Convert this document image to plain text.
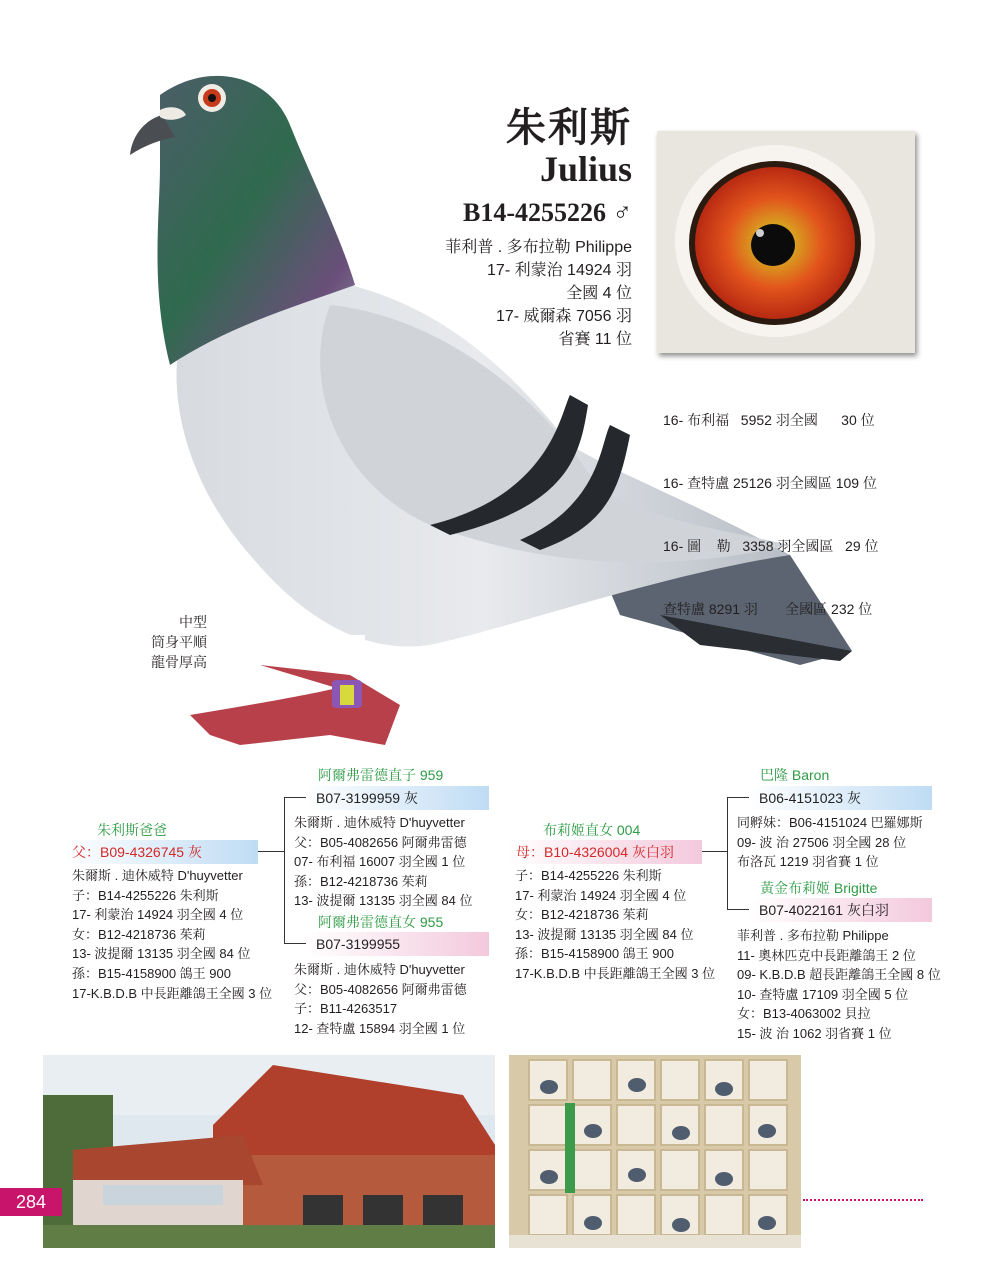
朱利斯
Julius
B14-4255226 ♂
菲利普 . 多布拉勒 Philippe
17- 利蒙治 14924 羽
全國 4 位
17- 威爾森 7056 羽
省賽 11 位

16- 布利福   5952 羽全國      30 位

16- 查特盧 25126 羽全國區 109 位

16- 圖    勒   3358 羽全國區   29 位

查特盧 8291 羽       全國區 232 位

中型
筒身平順
龍骨厚高
朱利斯爸爸
父：B09-4326745 灰
朱爾斯 . 迪休威特 D'huyvetter
子：B14-4255226 朱利斯
17- 利蒙治 14924 羽全國 4 位
女：B12-4218736 茱莉
13- 波提爾 13135 羽全國 84 位
孫：B15-4158900 鴿王 900
17-K.B.D.B 中長距離鴿王全國 3 位
阿爾弗雷德直子 959
B07-3199959 灰
朱爾斯 . 迪休威特 D'huyvetter
父：B05-4082656 阿爾弗雷德
07- 布利福 16007 羽全國 1 位
孫：B12-4218736 茱莉
13- 波提爾 13135 羽全國 84 位
阿爾弗雷德直女 955
B07-3199955
朱爾斯 . 迪休威特 D'huyvetter
父：B05-4082656 阿爾弗雷德
子：B11-4263517
12- 查特盧 15894 羽全國 1 位
布莉姬直女 004
母：B10-4326004 灰白羽
子：B14-4255226 朱利斯
17- 利蒙治 14924 羽全國 4 位
女：B12-4218736 茱莉
13- 波提爾 13135 羽全國 84 位
孫：B15-4158900 鴿王 900
17-K.B.D.B 中長距離鴿王全國 3 位
巴隆 Baron
B06-4151023 灰
同孵妹：B06-4151024 巴羅娜斯
09- 波 治 27506 羽全國 28 位
布洛瓦 1219 羽省賽 1 位
黃金布莉姬 Brigitte
B07-4022161 灰白羽
菲利普 . 多布拉勒 Philippe
11- 奧林匹克中長距離鴿王 2 位
09- K.B.D.B 超長距離鴿王全國 8 位
10- 查特盧 17109 羽全國 5 位
女：B13-4063002 貝拉
15- 波 治 1062 羽省賽 1 位
284
